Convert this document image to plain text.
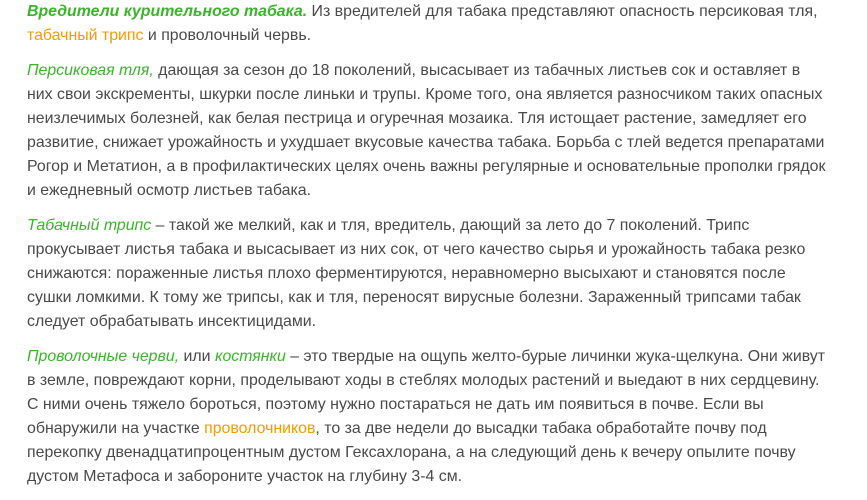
Вредители курительного табака. Из вредителей для табака представляют опасность персиковая тля, табачный трипс и проволочный червь.

Персиковая тля, дающая за сезон до 18 поколений, высасывает из табачных листьев сок и оставляет в них свои экскременты, шкурки после линьки и трупы. Кроме того, она является разносчиком таких опасных неизлечимых болезней, как белая пестрица и огуречная мозаика. Тля истощает растение, замедляет его развитие, снижает урожайность и ухудшает вкусовые качества табака. Борьба с тлей ведется препаратами Рогор и Метатион, а в профилактических целях очень важны регулярные и основательные прополки грядок и ежедневный осмотр листьев табака.

Табачный трипс – такой же мелкий, как и тля, вредитель, дающий за лето до 7 поколений. Трипс прокусывает листья табака и высасывает из них сок, от чего качество сырья и урожайность табака резко снижаются: пораженные листья плохо ферментируются, неравномерно высыхают и становятся после сушки ломкими. К тому же трипсы, как и тля, переносят вирусные болезни. Зараженный трипсами табак следует обрабатывать инсектицидами.

Проволочные черви, или костянки – это твердые на ощупь желто-бурые личинки жука-щелкуна. Они живут в земле, повреждают корни, проделывают ходы в стеблях молодых растений и выедают в них сердцевину. С ними очень тяжело бороться, поэтому нужно постараться не дать им появиться в почве. Если вы обнаружили на участке проволочников, то за две недели до высадки табака обработайте почву под перекопку двенадцатипроцентным дустом Гексахлорана, а на следующий день к вечеру опылите почву дустом Метафоса и забороните участок на глубину 3-4 см.
